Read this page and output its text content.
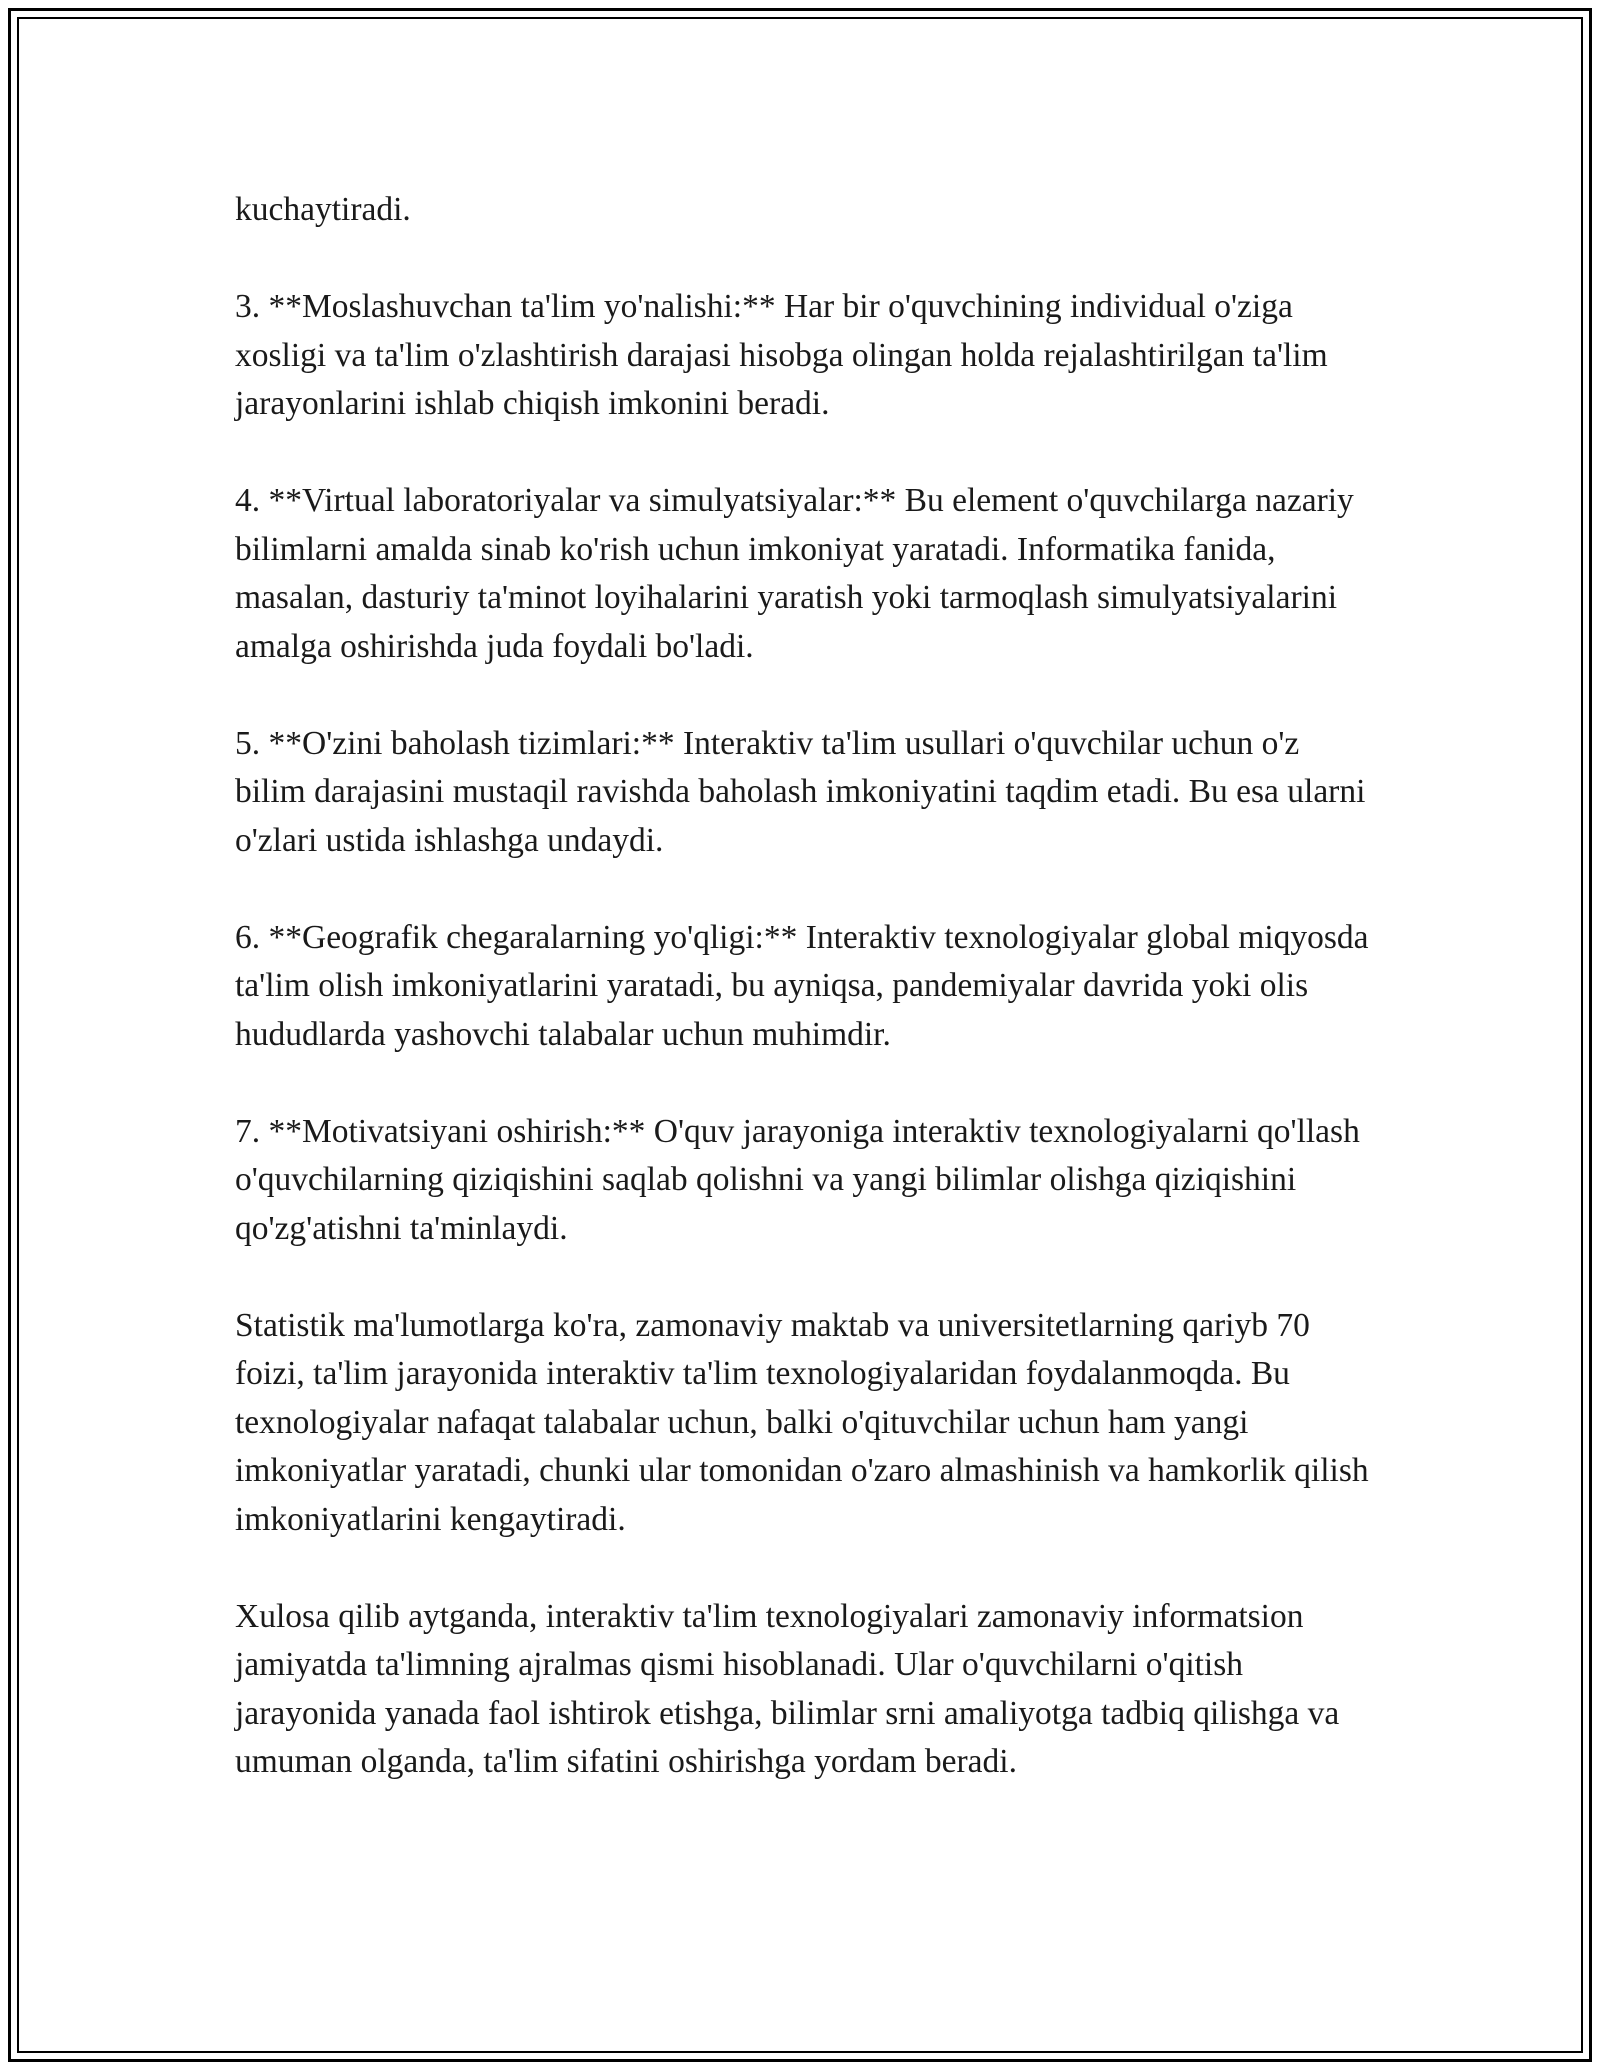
kuchaytiradi.

3. **Moslashuvchan ta'lim yo'nalishi:** Har bir o'quvchining individual o'ziga xosligi va ta'lim o'zlashtirish darajasi hisobga olingan holda rejalashtirilgan ta'lim jarayonlarini ishlab chiqish imkonini beradi.

4. **Virtual laboratoriyalar va simulyatsiyalar:** Bu element o'quvchilarga nazariy bilimlarni amalda sinab ko'rish uchun imkoniyat yaratadi. Informatika fanida, masalan, dasturiy ta'minot loyihalarini yaratish yoki tarmoqlash simulyatsiyalarini amalga oshirishda juda foydali bo'ladi.

5. **O'zini baholash tizimlari:** Interaktiv ta'lim usullari o'quvchilar uchun o'z bilim darajasini mustaqil ravishda baholash imkoniyatini taqdim etadi. Bu esa ularni o'zlari ustida ishlashga undaydi.

6. **Geografik chegaralarning yo'qligi:** Interaktiv texnologiyalar global miqyosda ta'lim olish imkoniyatlarini yaratadi, bu ayniqsa, pandemiyalar davrida yoki olis hududlarda yashovchi talabalar uchun muhimdir.

7. **Motivatsiyani oshirish:** O'quv jarayoniga interaktiv texnologiyalarni qo'llash o'quvchilarning qiziqishini saqlab qolishni va yangi bilimlar olishga qiziqishini qo'zg'atishni ta'minlaydi.

Statistik ma'lumotlarga ko'ra, zamonaviy maktab va universitetlarning qariyb 70 foizi, ta'lim jarayonida interaktiv ta'lim texnologiyalaridan foydalanmoqda. Bu texnologiyalar nafaqat talabalar uchun, balki o'qituvchilar uchun ham yangi imkoniyatlar yaratadi, chunki ular tomonidan o'zaro almashinish va hamkorlik qilish imkoniyatlarini kengaytiradi.

Xulosa qilib aytganda, interaktiv ta'lim texnologiyalari zamonaviy informatsion jamiyatda ta'limning ajralmas qismi hisoblanadi. Ular o'quvchilarni o'qitish jarayonida yanada faol ishtirok etishga, bilimlar srni amaliyotga tadbiq qilishga va umuman olganda, ta'lim sifatini oshirishga yordam beradi.
